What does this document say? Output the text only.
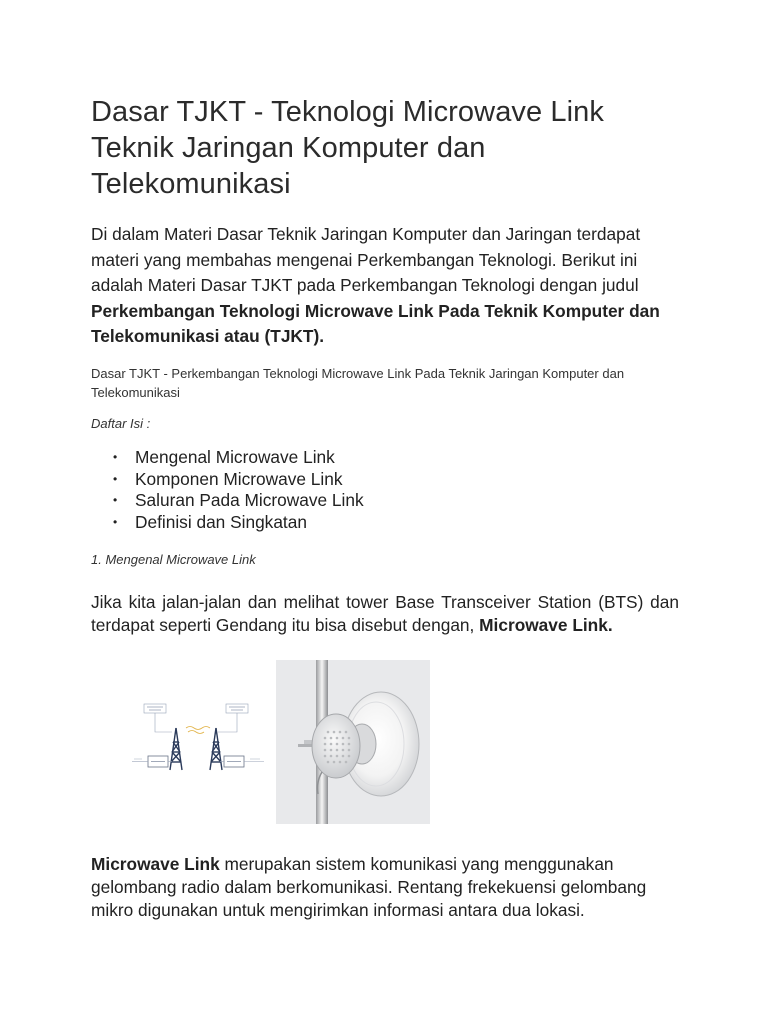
Dasar TJKT - Teknologi Microwave Link Teknik Jaringan Komputer dan Telekomunikasi

Di dalam Materi Dasar Teknik Jaringan Komputer dan Jaringan terdapat materi yang membahas mengenai Perkembangan Teknologi. Berikut ini adalah Materi Dasar TJKT pada Perkembangan Teknologi dengan judul Perkembangan Teknologi Microwave Link Pada Teknik Komputer dan Telekomunikasi atau (TJKT).

Dasar TJKT - Perkembangan Teknologi Microwave Link Pada Teknik Jaringan Komputer dan Telekomunikasi

Daftar Isi :

• Mengenal Microwave Link
• Komponen Microwave Link
• Saluran Pada Microwave Link
• Definisi dan Singkatan

1. Mengenal Microwave Link

Jika kita jalan-jalan dan melihat tower Base Transceiver Station (BTS) dan terdapat seperti Gendang itu bisa disebut dengan, Microwave Link.

Microwave Link merupakan sistem komunikasi yang menggunakan gelombang radio dalam berkomunikasi. Rentang frekekuensi gelombang mikro digunakan untuk mengirimkan informasi antara dua lokasi.
